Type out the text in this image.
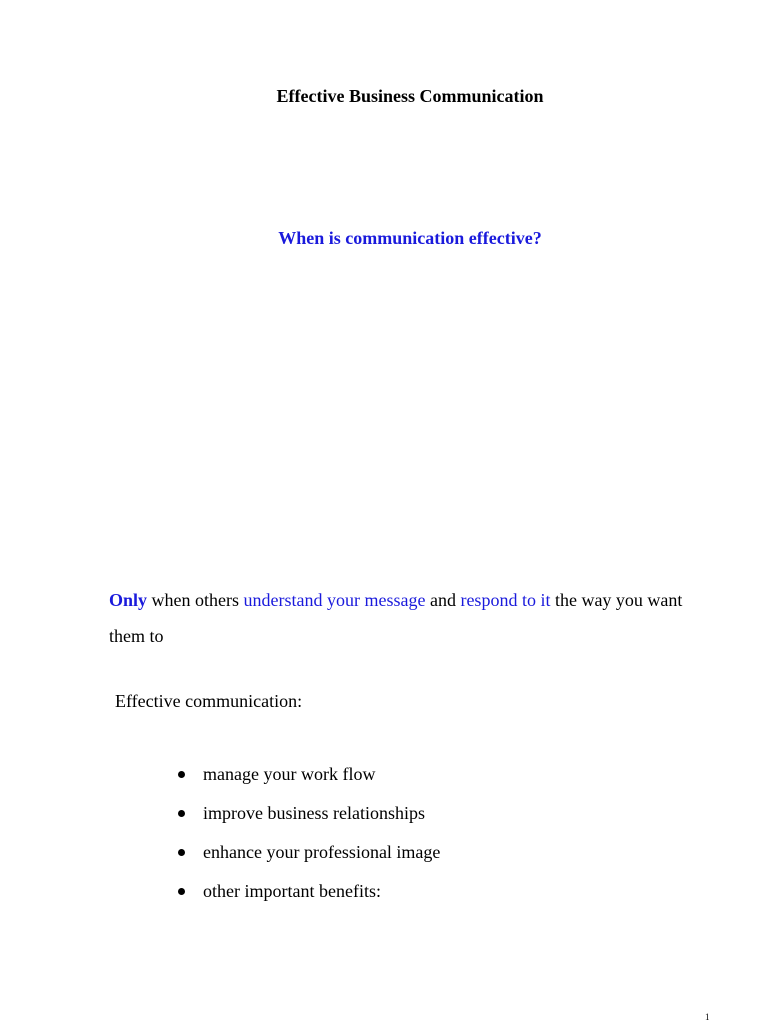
Effective Business Communication
When is communication effective?
Only when others understand your message and respond to it the way you want them to
Effective communication:
manage your work flow
improve business relationships
enhance your professional image
other important benefits:
1
